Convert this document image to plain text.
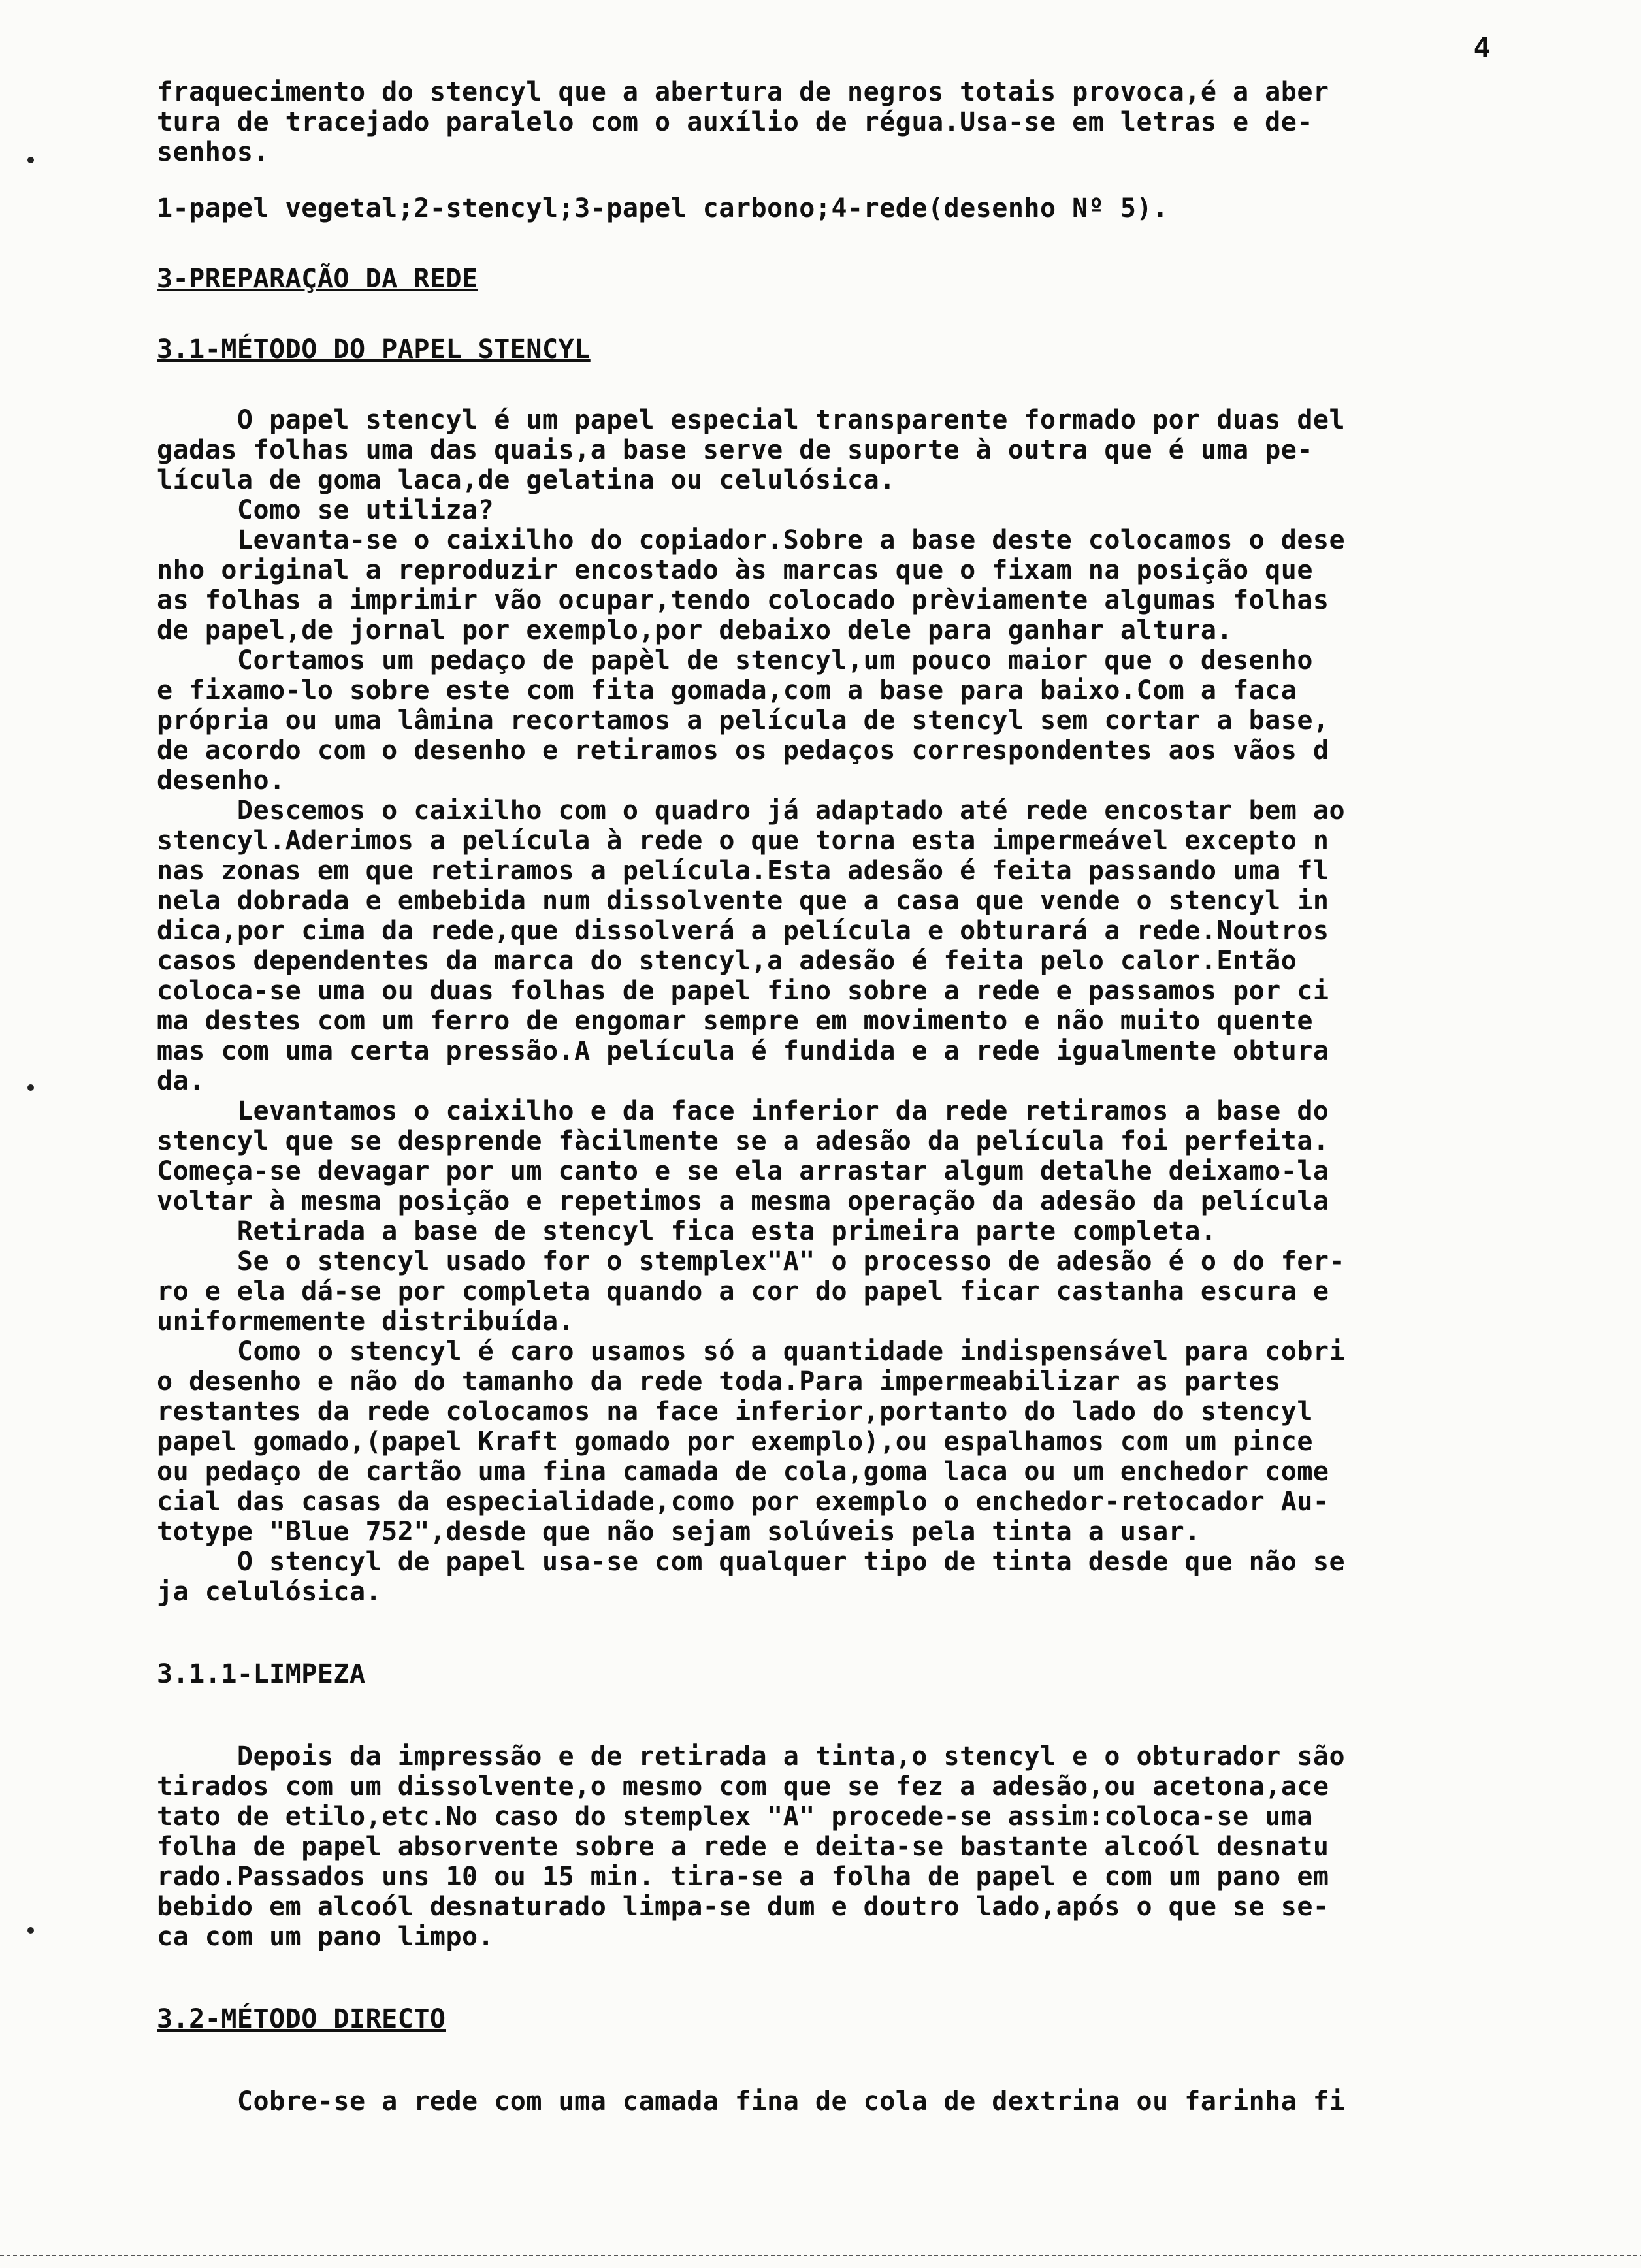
4
fraquecimento do stencyl que a abertura de negros totais provoca,é a aber
tura de tracejado paralelo com o auxílio de régua.Usa-se em letras e de-
senhos.
1-papel vegetal;2-stencyl;3-papel carbono;4-rede(desenho Nº 5).
3-PREPARAÇÃO DA REDE
3.1-MÉTODO DO PAPEL STENCYL
O papel stencyl é um papel especial transparente formado por duas del
gadas folhas uma das quais,a base serve de suporte à outra que é uma pe-
lícula de goma laca,de gelatina ou celulósica.
Como se utiliza?
Levanta-se o caixilho do copiador.Sobre a base deste colocamos o dese
nho original a reproduzir encostado às marcas que o fixam na posição que
as folhas a imprimir vão ocupar,tendo colocado prèviamente algumas folhas
de papel,de jornal por exemplo,por debaixo dele para ganhar altura.
Cortamos um pedaço de papèl de stencyl,um pouco maior que o desenho
e fixamo-lo sobre este com fita gomada,com a base para baixo.Com a faca
própria ou uma lâmina recortamos a película de stencyl sem cortar a base,
de acordo com o desenho e retiramos os pedaços correspondentes aos vãos d
desenho.
Descemos o caixilho com o quadro já adaptado até rede encostar bem ao
stencyl.Aderimos a película à rede o que torna esta impermeável excepto n
nas zonas em que retiramos a película.Esta adesão é feita passando uma fl
nela dobrada e embebida num dissolvente que a casa que vende o stencyl in
dica,por cima da rede,que dissolverá a película e obturará a rede.Noutros
casos dependentes da marca do stencyl,a adesão é feita pelo calor.Então
coloca-se uma ou duas folhas de papel fino sobre a rede e passamos por ci
ma destes com um ferro de engomar sempre em movimento e não muito quente
mas com uma certa pressão.A película é fundida e a rede igualmente obtura
da.
Levantamos o caixilho e da face inferior da rede retiramos a base do
stencyl que se desprende fàcilmente se a adesão da película foi perfeita.
Começa-se devagar por um canto e se ela arrastar algum detalhe deixamo-la
voltar à mesma posição e repetimos a mesma operação da adesão da película
Retirada a base de stencyl fica esta primeira parte completa.
Se o stencyl usado for o stemplex"A" o processo de adesão é o do fer-
ro e ela dá-se por completa quando a cor do papel ficar castanha escura e
uniformemente distribuída.
Como o stencyl é caro usamos só a quantidade indispensável para cobri
o desenho e não do tamanho da rede toda.Para impermeabilizar as partes
restantes da rede colocamos na face inferior,portanto do lado do stencyl
papel gomado,(papel Kraft gomado por exemplo),ou espalhamos com um pince
ou pedaço de cartão uma fina camada de cola,goma laca ou um enchedor come
cial das casas da especialidade,como por exemplo o enchedor-retocador Au-
totype "Blue 752",desde que não sejam solúveis pela tinta a usar.
O stencyl de papel usa-se com qualquer tipo de tinta desde que não se
ja celulósica.
3.1.1-LIMPEZA
Depois da impressão e de retirada a tinta,o stencyl e o obturador são
tirados com um dissolvente,o mesmo com que se fez a adesão,ou acetona,ace
tato de etilo,etc.No caso do stemplex "A" procede-se assim:coloca-se uma
folha de papel absorvente sobre a rede e deita-se bastante alcoól desnatu
rado.Passados uns 10 ou 15 min. tira-se a folha de papel e com um pano em
bebido em alcoól desnaturado limpa-se dum e doutro lado,após o que se se-
ca com um pano limpo.
3.2-MÉTODO DIRECTO
Cobre-se a rede com uma camada fina de cola de dextrina ou farinha fi
